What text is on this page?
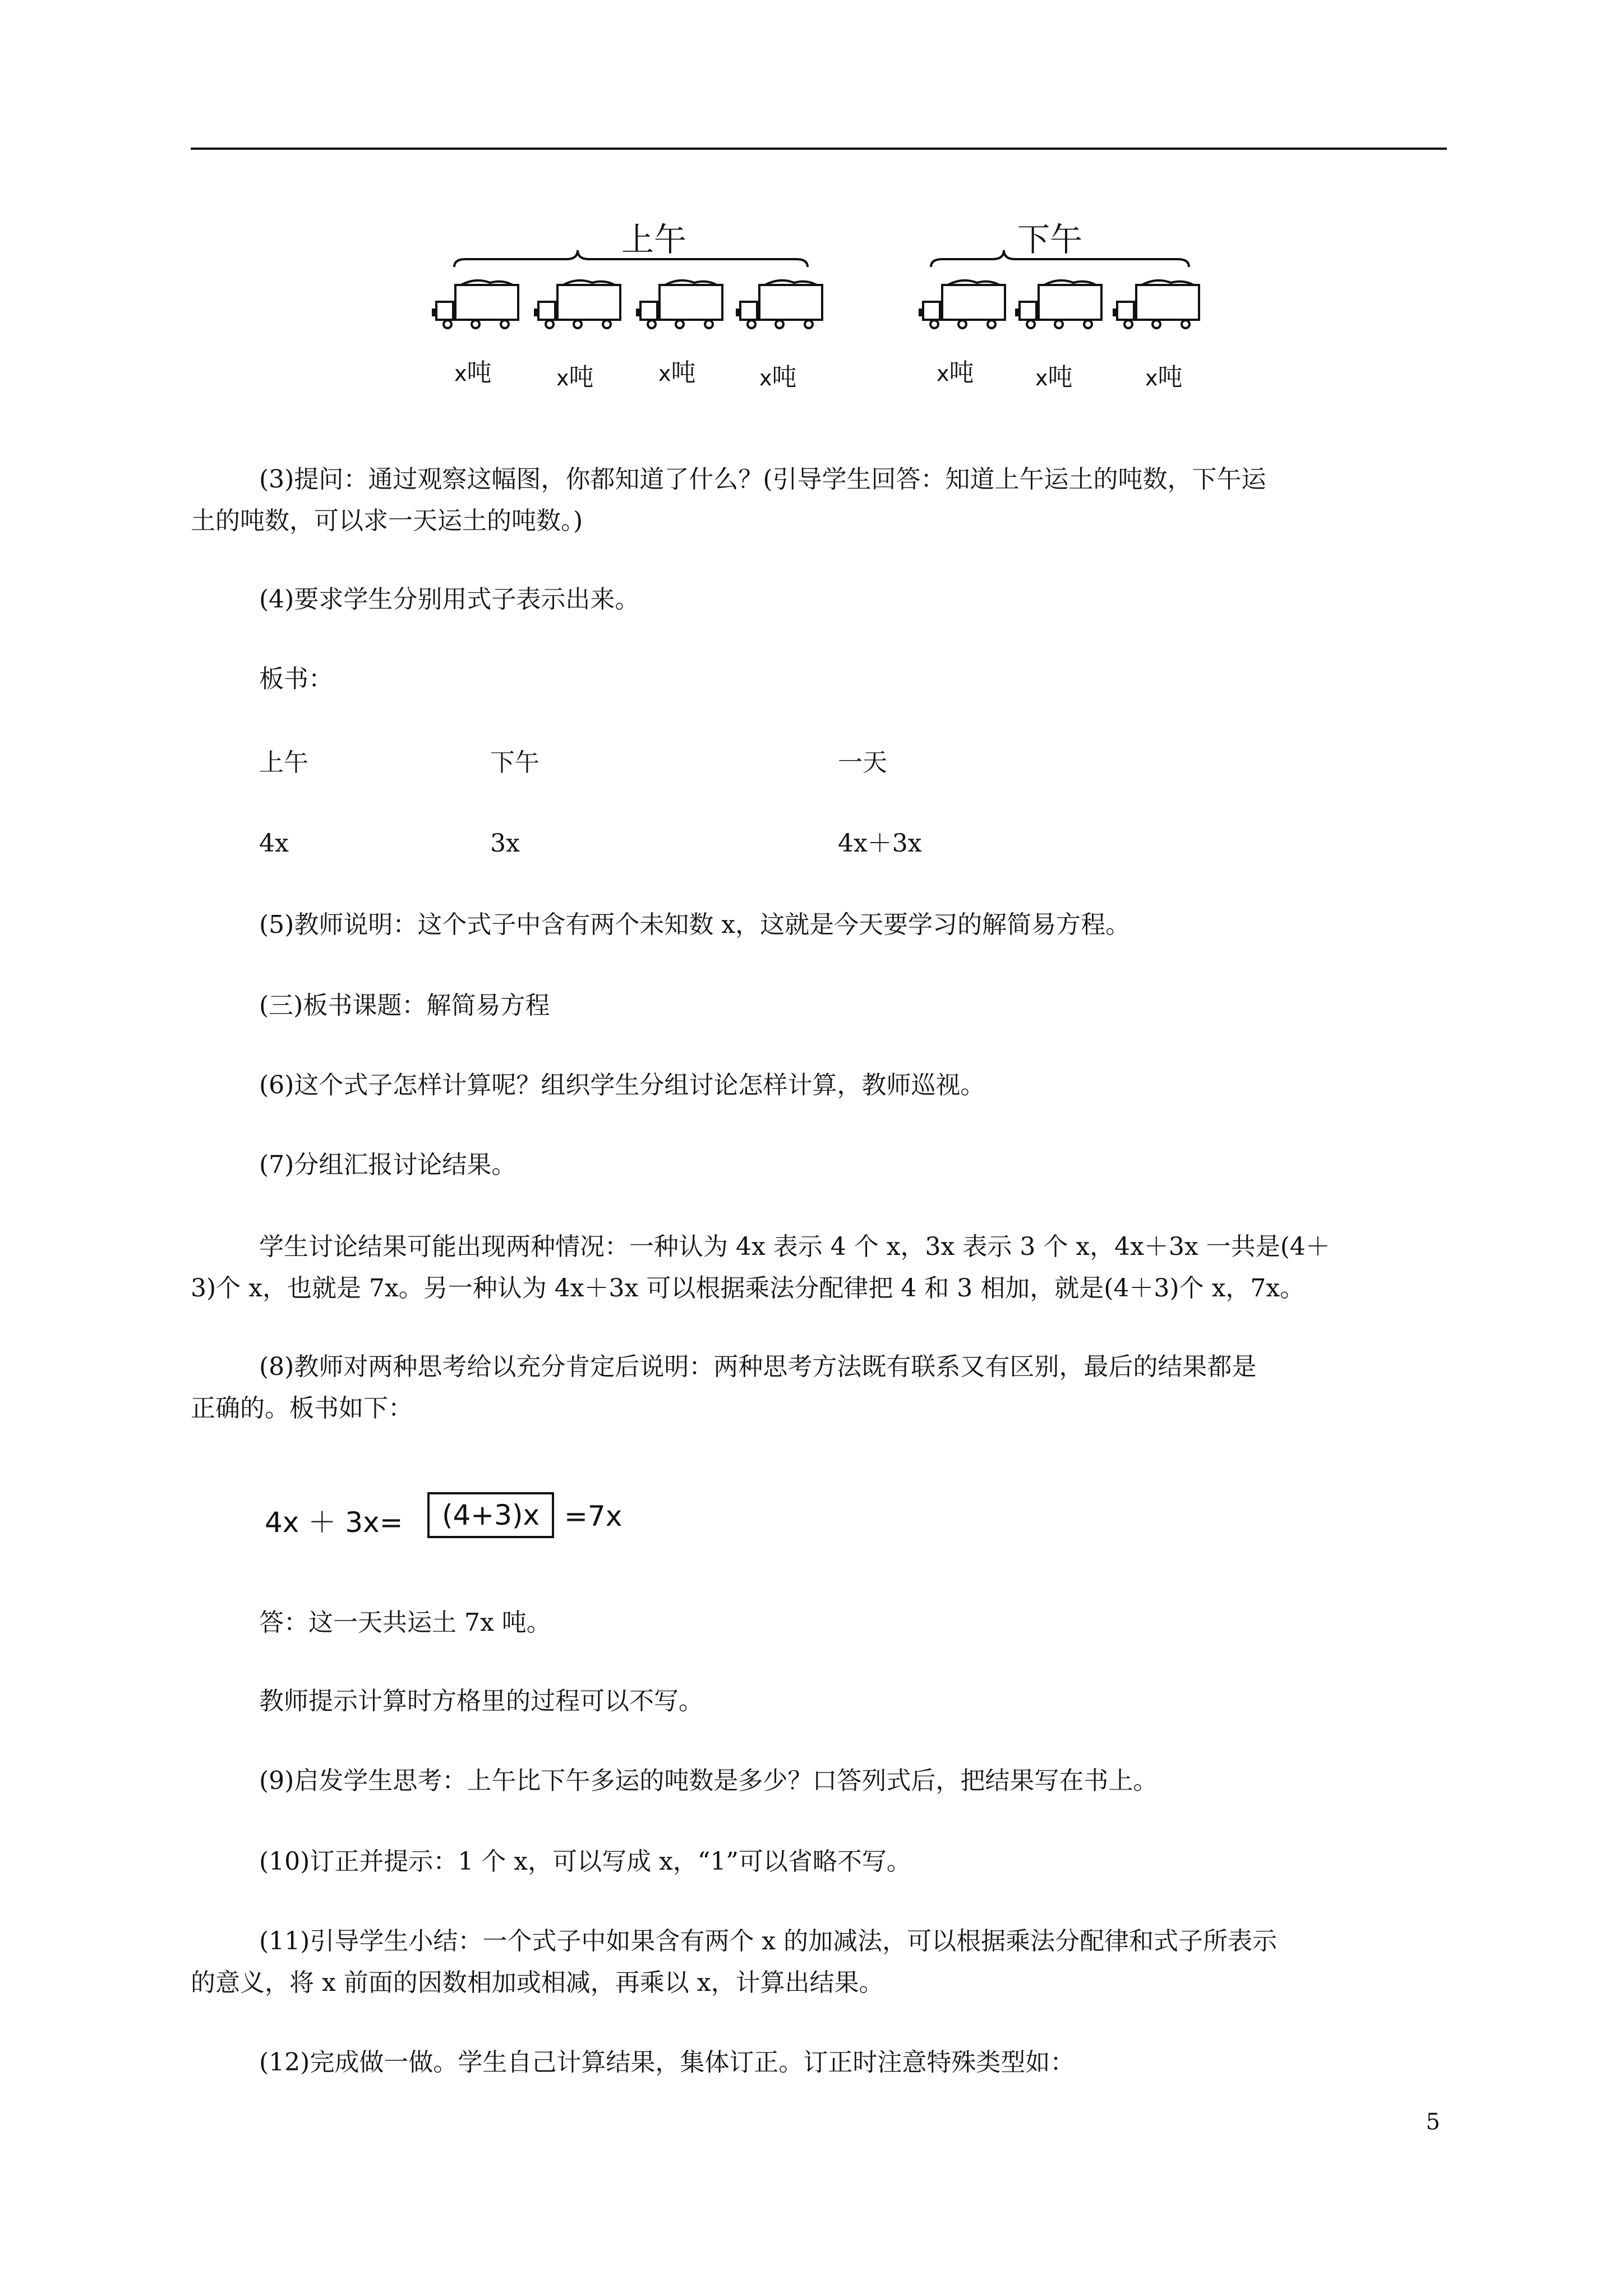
上午	下午
x吨	x吨	x吨	x吨	x吨	x吨	x吨
(3)提问：通过观察这幅图，你都知道了什么？(引导学生回答：知道上午运土的吨数，下午运
土的吨数，可以求一天运土的吨数。)
(4)要求学生分别用式子表示出来。
板书：
上午	下午	一天
4x	3x	4x＋3x
(5)教师说明：这个式子中含有两个未知数 x，这就是今天要学习的解简易方程。
(三)板书课题：解简易方程
(6)这个式子怎样计算呢？组织学生分组讨论怎样计算，教师巡视。
(7)分组汇报讨论结果。
学生讨论结果可能出现两种情况：一种认为 4x 表示 4 个 x，3x 表示 3 个 x，4x＋3x 一共是(4＋
3)个 x，也就是 7x。另一种认为 4x＋3x 可以根据乘法分配律把 4 和 3 相加，就是(4＋3)个 x，7x。
(8)教师对两种思考给以充分肯定后说明：两种思考方法既有联系又有区别，最后的结果都是
正确的。板书如下：
4x ＋ 3x=	(4+3)x =7x
答：这一天共运土 7x 吨。
教师提示计算时方格里的过程可以不写。
(9)启发学生思考：上午比下午多运的吨数是多少？口答列式后，把结果写在书上。
(10)订正并提示：1 个 x，可以写成 x，“1”可以省略不写。
(11)引导学生小结：一个式子中如果含有两个 x 的加减法，可以根据乘法分配律和式子所表示
的意义，将 x 前面的因数相加或相减，再乘以 x，计算出结果。
(12)完成做一做。学生自己计算结果，集体订正。订正时注意特殊类型如：
5
